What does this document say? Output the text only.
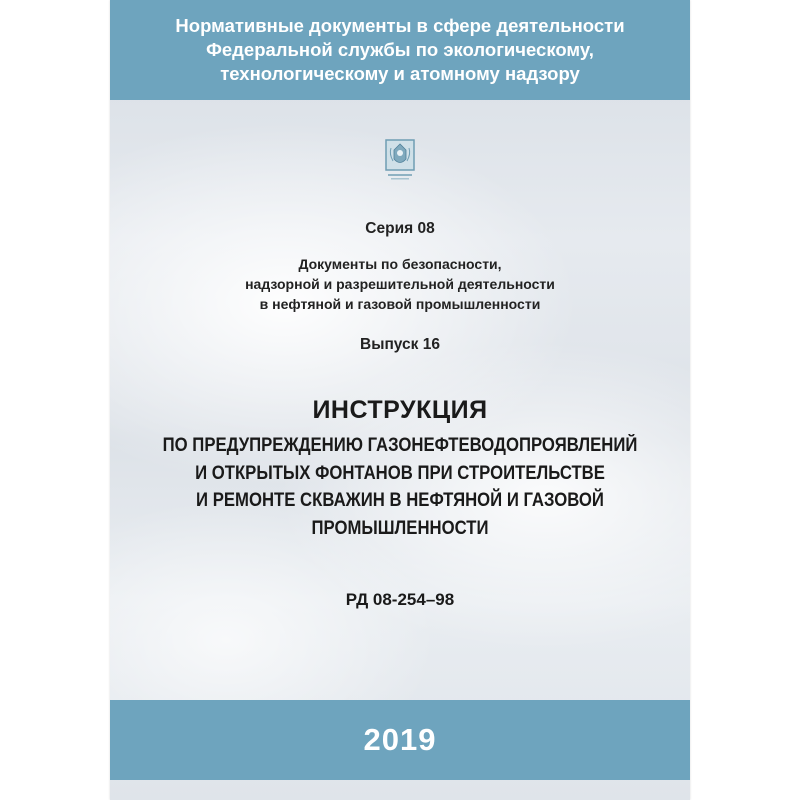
Нормативные документы в сфере деятельности
Федеральной службы по экологическому,
технологическому и атомному надзору
Серия 08
Документы по безопасности,
надзорной и разрешительной деятельности
в нефтяной и газовой промышленности
Выпуск 16
ИНСТРУКЦИЯ
ПО ПРЕДУПРЕЖДЕНИЮ ГАЗОНЕФТЕВОДОПРОЯВЛЕНИЙ
И ОТКРЫТЫХ ФОНТАНОВ ПРИ СТРОИТЕЛЬСТВЕ
И РЕМОНТЕ СКВАЖИН В НЕФТЯНОЙ И ГАЗОВОЙ
ПРОМЫШЛЕННОСТИ
РД 08-254–98
2019
